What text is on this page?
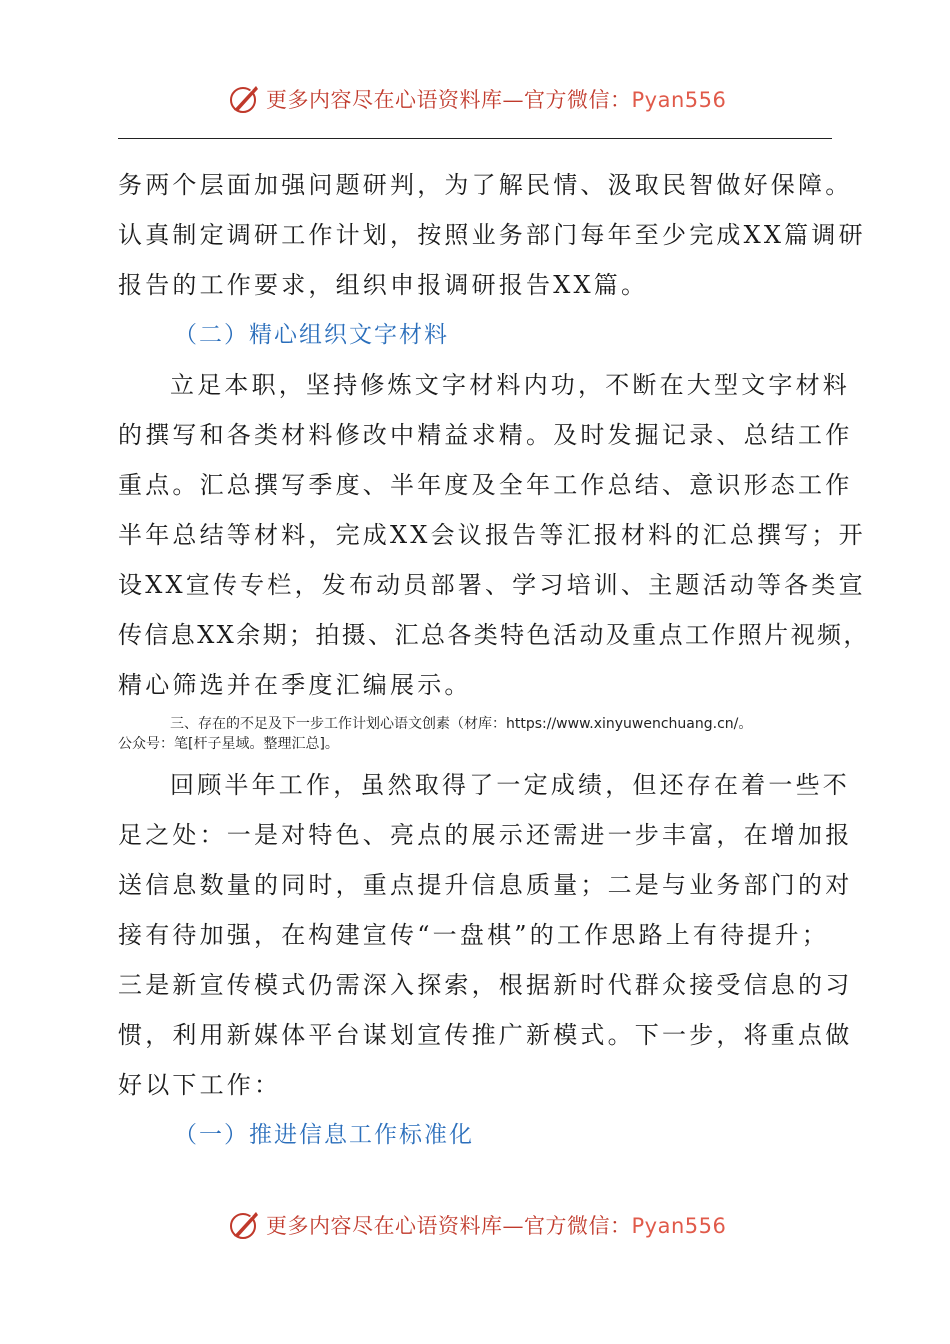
更多内容尽在心语资料库—官方微信：Pyan556
务两个层面加强问题研判，为了解民情、汲取民智做好保障。
认真制定调研工作计划，按照业务部门每年至少完成XX篇调研
报告的工作要求，组织申报调研报告XX篇。
（二）精心组织文字材料
立足本职，坚持修炼文字材料内功，不断在大型文字材料
的撰写和各类材料修改中精益求精。及时发掘记录、总结工作
重点。汇总撰写季度、半年度及全年工作总结、意识形态工作
半年总结等材料，完成XX会议报告等汇报材料的汇总撰写；开
设XX宣传专栏，发布动员部署、学习培训、主题活动等各类宣
传信息XX余期；拍摄、汇总各类特色活动及重点工作照片视频，
精心筛选并在季度汇编展示。
三、存在的不足及下一步工作计划心语文创素（材库：https://www.xinyuwenchuang.cn/。
公众号：笔[杆子星域。整理汇总]。
回顾半年工作，虽然取得了一定成绩，但还存在着一些不
足之处：一是对特色、亮点的展示还需进一步丰富，在增加报
送信息数量的同时，重点提升信息质量；二是与业务部门的对
接有待加强，在构建宣传“一盘棋”的工作思路上有待提升；
三是新宣传模式仍需深入探索，根据新时代群众接受信息的习
惯，利用新媒体平台谋划宣传推广新模式。下一步，将重点做
好以下工作：
（一）推进信息工作标准化
更多内容尽在心语资料库—官方微信：Pyan556
